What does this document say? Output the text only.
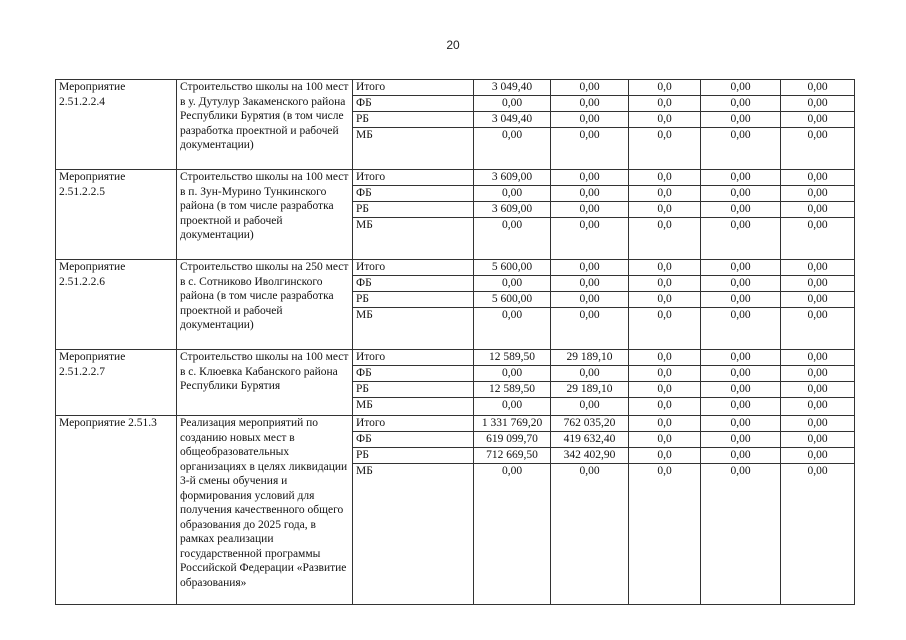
20
Мероприятие 2.51.2.2.4	Строительство школы на 100 мест в у. Дутулур Закаменского района Республики Бурятия (в том числе разработка проектной и рабочей документации)	Итого	3 049,40	0,00	0,0	0,00	0,00
		ФБ	0,00	0,00	0,0	0,00	0,00
		РБ	3 049,40	0,00	0,0	0,00	0,00
		МБ	0,00	0,00	0,0	0,00	0,00
Мероприятие 2.51.2.2.5	Строительство школы на 100 мест в п. Зун-Мурино Тункинского района (в том числе разработка проектной и рабочей документации)	Итого	3 609,00	0,00	0,0	0,00	0,00
		ФБ	0,00	0,00	0,0	0,00	0,00
		РБ	3 609,00	0,00	0,0	0,00	0,00
		МБ	0,00	0,00	0,0	0,00	0,00
Мероприятие 2.51.2.2.6	Строительство школы на 250 мест в с. Сотниково Иволгинского района (в том числе разработка проектной и рабочей документации)	Итого	5 600,00	0,00	0,0	0,00	0,00
		ФБ	0,00	0,00	0,0	0,00	0,00
		РБ	5 600,00	0,00	0,0	0,00	0,00
		МБ	0,00	0,00	0,0	0,00	0,00
Мероприятие 2.51.2.2.7	Строительство школы на 100 мест в с. Клюевка Кабанского района Республики Бурятия	Итого	12 589,50	29 189,10	0,0	0,00	0,00
		ФБ	0,00	0,00	0,0	0,00	0,00
		РБ	12 589,50	29 189,10	0,0	0,00	0,00
		МБ	0,00	0,00	0,0	0,00	0,00
Мероприятие 2.51.3	Реализация мероприятий по созданию новых мест в общеобразовательных организациях в целях ликвидации 3-й смены обучения и формирования условий для получения качественного общего образования до 2025 года, в рамках реализации государственной программы Российской Федерации «Развитие образования»	Итого	1 331 769,20	762 035,20	0,0	0,00	0,00
		ФБ	619 099,70	419 632,40	0,0	0,00	0,00
		РБ	712 669,50	342 402,90	0,0	0,00	0,00
		МБ	0,00	0,00	0,0	0,00	0,00
